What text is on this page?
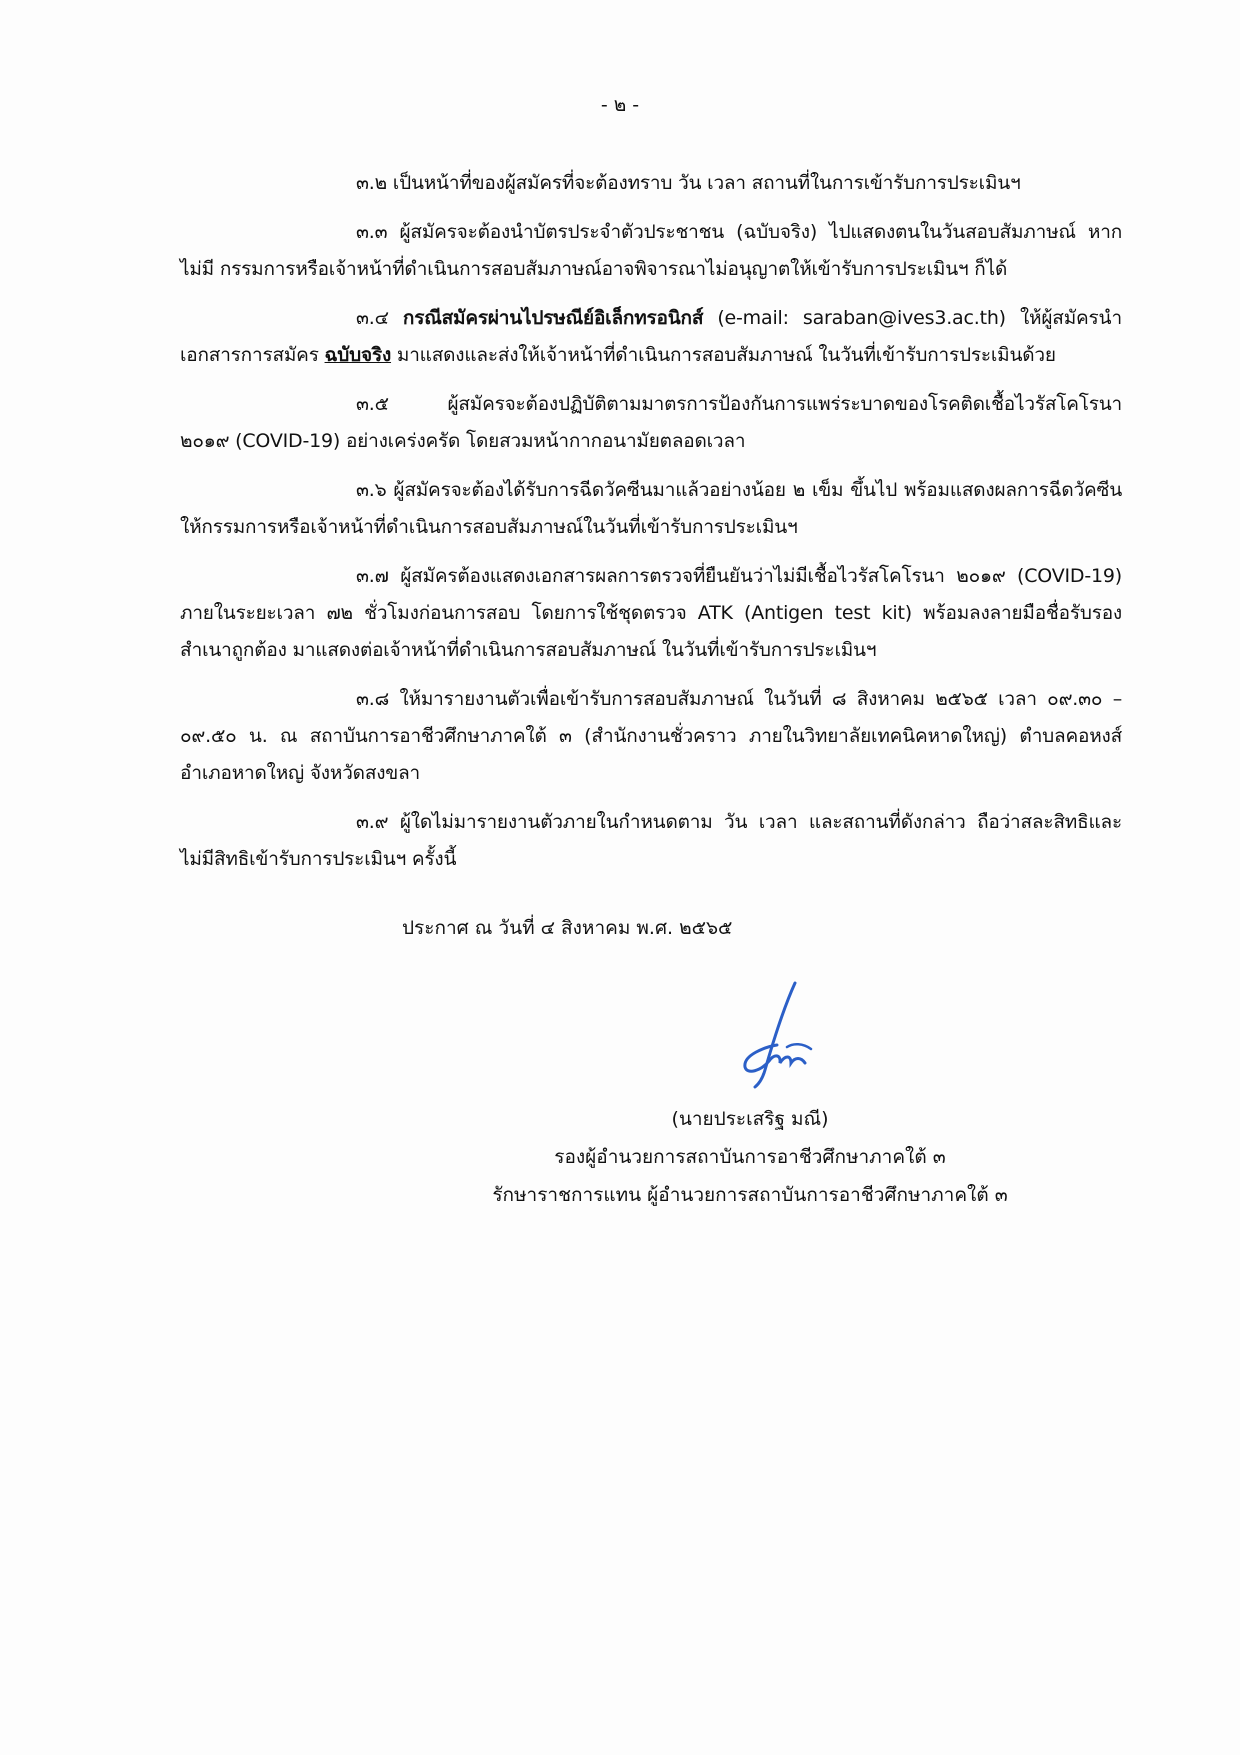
- ๒ -

๓.๒ เป็นหน้าที่ของผู้สมัครที่จะต้องทราบ วัน เวลา สถานที่ในการเข้ารับการประเมินฯ

๓.๓ ผู้สมัครจะต้องนำบัตรประจำตัวประชาชน (ฉบับจริง) ไปแสดงตนในวันสอบสัมภาษณ์ หากไม่มี กรรมการหรือเจ้าหน้าที่ดำเนินการสอบสัมภาษณ์อาจพิจารณาไม่อนุญาตให้เข้ารับการประเมินฯ ก็ได้

๓.๔ กรณีสมัครผ่านไปรษณีย์อิเล็กทรอนิกส์ (e-mail: saraban@ives3.ac.th) ให้ผู้สมัครนำเอกสารการสมัคร ฉบับจริง มาแสดงและส่งให้เจ้าหน้าที่ดำเนินการสอบสัมภาษณ์ ในวันที่เข้ารับการประเมินด้วย

๓.๕ ผู้สมัครจะต้องปฏิบัติตามมาตรการป้องกันการแพร่ระบาดของโรคติดเชื้อไวรัสโคโรนา ๒๐๑๙ (COVID-19) อย่างเคร่งครัด โดยสวมหน้ากากอนามัยตลอดเวลา

๓.๖ ผู้สมัครจะต้องได้รับการฉีดวัคซีนมาแล้วอย่างน้อย ๒ เข็ม ขึ้นไป พร้อมแสดงผลการฉีดวัคซีนให้กรรมการหรือเจ้าหน้าที่ดำเนินการสอบสัมภาษณ์ในวันที่เข้ารับการประเมินฯ

๓.๗ ผู้สมัครต้องแสดงเอกสารผลการตรวจที่ยืนยันว่าไม่มีเชื้อไวรัสโคโรนา ๒๐๑๙ (COVID-19) ภายในระยะเวลา ๗๒ ชั่วโมงก่อนการสอบ โดยการใช้ชุดตรวจ ATK (Antigen test kit) พร้อมลงลายมือชื่อรับรองสำเนาถูกต้อง มาแสดงต่อเจ้าหน้าที่ดำเนินการสอบสัมภาษณ์ ในวันที่เข้ารับการประเมินฯ

๓.๘ ให้มารายงานตัวเพื่อเข้ารับการสอบสัมภาษณ์ ในวันที่ ๘ สิงหาคม ๒๕๖๕ เวลา ๐๙.๓๐ – ๐๙.๕๐ น. ณ สถาบันการอาชีวศึกษาภาคใต้ ๓ (สำนักงานชั่วคราว ภายในวิทยาลัยเทคนิคหาดใหญ่) ตำบลคอหงส์ อำเภอหาดใหญ่ จังหวัดสงขลา

๓.๙ ผู้ใดไม่มารายงานตัวภายในกำหนดตาม วัน เวลา และสถานที่ดังกล่าว ถือว่าสละสิทธิและไม่มีสิทธิเข้ารับการประเมินฯ ครั้งนี้

ประกาศ ณ วันที่ ๔ สิงหาคม พ.ศ. ๒๕๖๕
(นายประเสริฐ มณี)
รองผู้อำนวยการสถาบันการอาชีวศึกษาภาคใต้ ๓
รักษาราชการแทน ผู้อำนวยการสถาบันการอาชีวศึกษาภาคใต้ ๓
